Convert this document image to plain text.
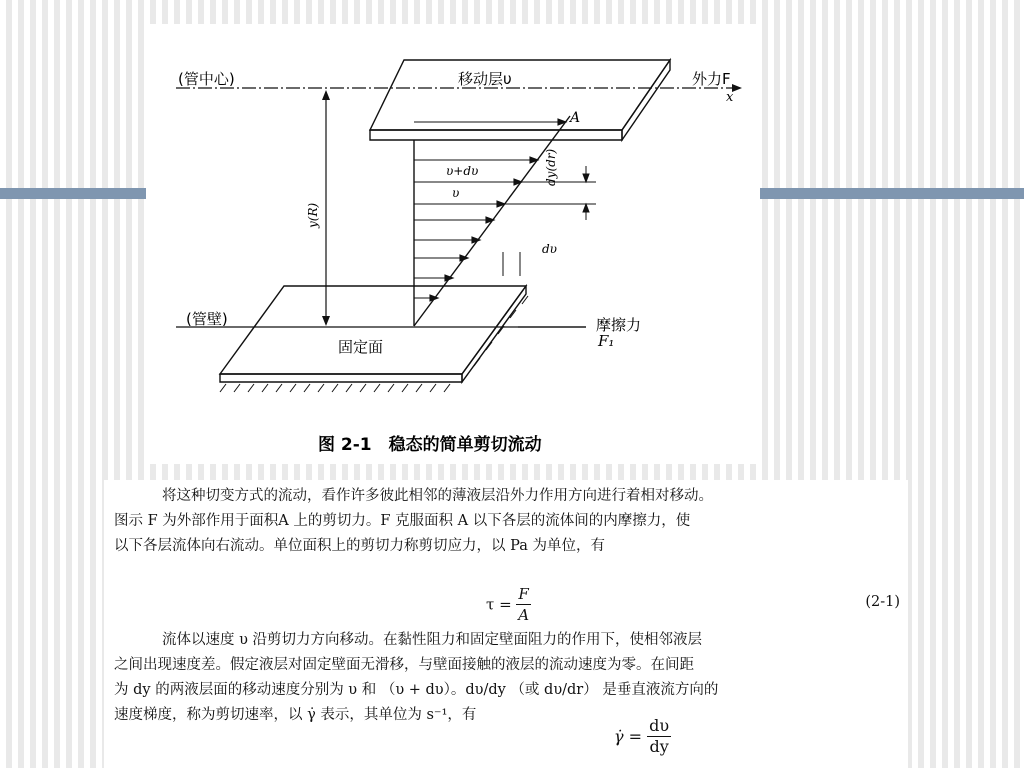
(管中心)	移动层υ	外力F
x
A
υ+dυ
υ
dυ
dy(dr)
y(R)
(管壁)	摩擦力
F₁
固定面
图 2-1　稳态的简单剪切流动

将这种切变方式的流动，看作许多彼此相邻的薄液层沿外力作用方向进行着相对移动。
图示 F 为外部作用于面积A 上的剪切力。F 克服面积 A 以下各层的流体间的内摩擦力，使
以下各层流体向右流动。单位面积上的剪切力称剪切应力，以 Pa 为单位，有

$\tau = \frac{F}{A}$	(2-1)

流体以速度 υ 沿剪切力方向移动。在黏性阻力和固定壁面阻力的作用下，使相邻液层
之间出现速度差。假定液层对固定壁面无滑移，与壁面接触的液层的流动速度为零。在间距
为 dy 的两液层面的移动速度分别为 υ 和 （υ + dυ）。dυ/dy （或 dυ/dr） 是垂直液流方向的
速度梯度，称为剪切速率，以 γ̇ 表示，其单位为 s⁻¹，有

γ̇ = $\frac{d\upsilon}{dy}$
